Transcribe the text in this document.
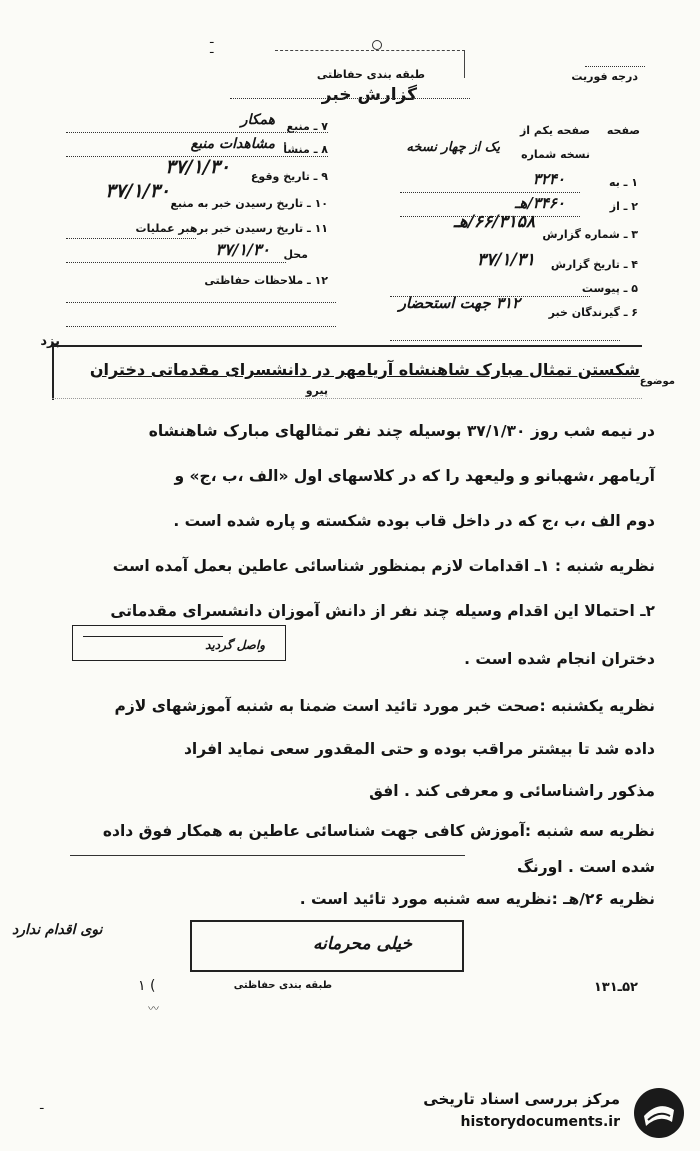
ـ
ـ
طبقه بندی حفاظتی
گزارش خبر
درجه فوریت
۷ ـ منبع
همکار
۸ ـ منشأ
مشاهدات منبع
۹ ـ تاریخ وقوع
۳۷/۱/۳۰
۱۰ ـ تاریخ رسیدن خبر به منبع
۳۷/۱/۳۰
۱۱ ـ تاریخ رسیدن خبر برهبر عملیات
محل
۳۷/۱/۳۰
۱۲ ـ ملاحظات حفاظتی
صفحه یکم از صفحه
نسخه شماره
یک از چهار نسخه
۱ ـ به
۳۲۴۰
۲ ـ از
۳۴۶۰/هـ
۳ ـ شماره گزارش
۶۶/۳۱۵۸/هـ
۴ ـ تاریخ گزارش
۳۷/۱/۳۱
۵ ـ پیوست
۶ ـ گیرندگان خبر
۳۱۲ جهت استحضار
بزد
موضوع
شکستن تمثال مبارک شاهنشاه آریامهر در دانشسرای مقدماتی دختران
پیرو
در نیمه شب روز ۳۷/۱/۳۰ بوسیله چند نفر تمثالهای مبارک شاهنشاه
آریامهر ،شهبانو و ولیعهد را که در کلاسهای اول «الف ،ب ،ج» و
دوم الف ،ب ،ج که در داخل قاب بوده شکسته و پاره شده است .
نظریه شنبه : ۱ـ اقدامات لازم بمنظور شناسائی عاطین بعمل آمده است
۲ـ احتمالا این اقدام وسیله چند نفر از دانش آموزان دانشسرای مقدماتی
واصل گردید
دختران انجام شده است .
نظریه یکشنبه :صحت خبر مورد تائید است ضمنا به شنبه آموزشهای لازم
داده شد تا بیشتر مراقب بوده و حتی المقدور سعی نماید افراد
مذکور راشناسائی و معرفی کند . افق
نظریه سه شنبه :آموزش کافی جهت شناسائی عاطین به همکار فوق داده
شده است . اورنگ
نظریه ۲۶/هـ :نظریه سه شنبه مورد تائید است .
نوی اقدام ندارد
خیلی محرمانه
طبقه بندی حفاظتی
۱ (
〰
ـ
۵۲ـ۱۳۱
مرکز بررسی اسناد تاریخی
historydocuments.ir
